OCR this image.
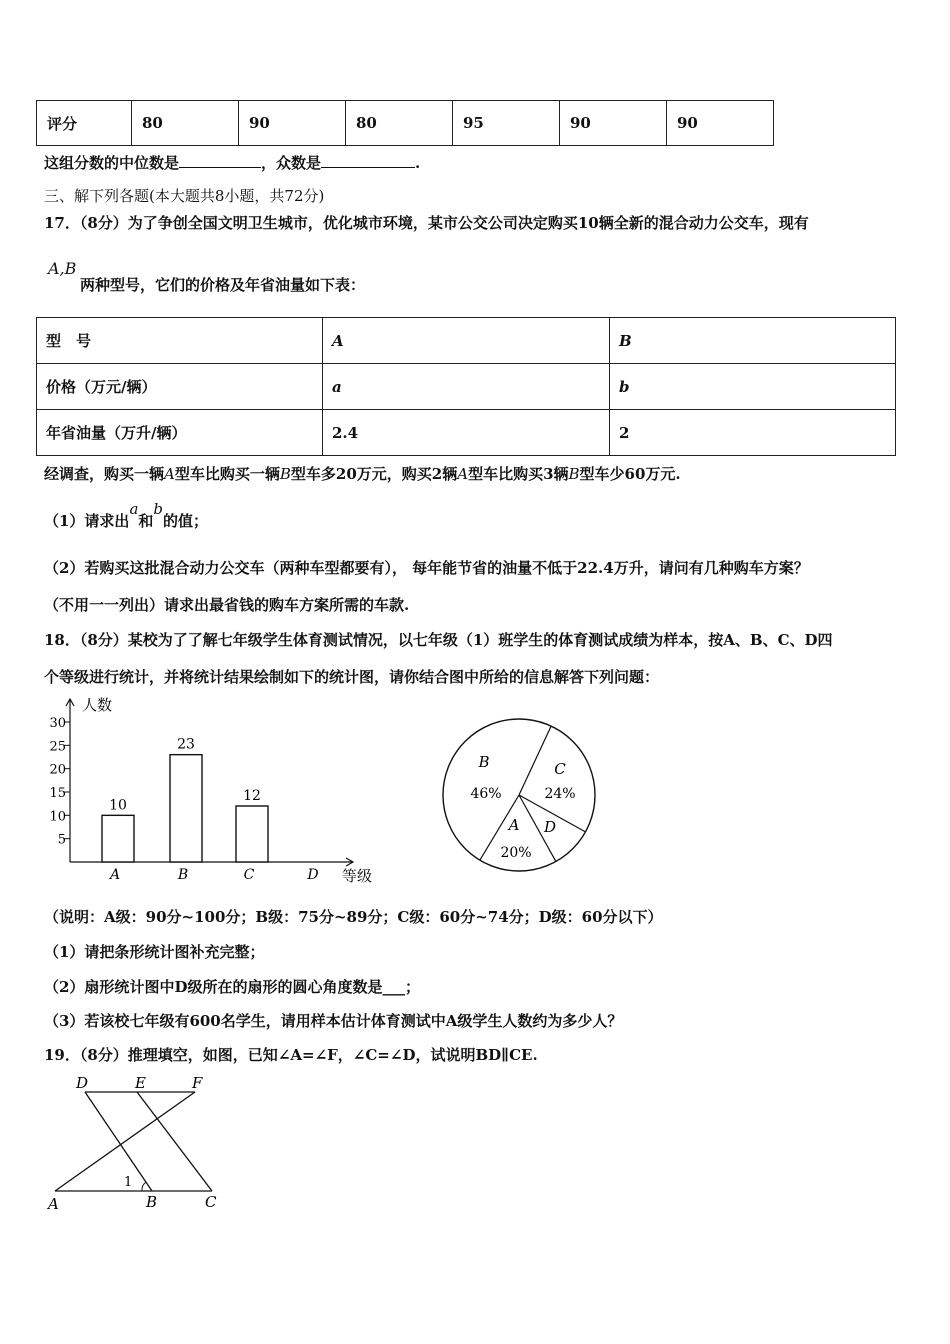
评分	80	90	80	95	90	90
这组分数的中位数是	，众数是	.
三、解下列各题(本大题共8小题，共72分)
17．（8分）为了争创全国文明卫生城市，优化城市环境，某市公交公司决定购买10辆全新的混合动力公交车，现有
A,B
两种型号，它们的价格及年省油量如下表：
型　号	A	B
价格（万元/辆）	a	b
年省油量（万升/辆）	2.4	2
经调查，购买一辆A型车比购买一辆B型车多20万元，购买2辆A型车比购买3辆B型车少60万元.
（1）请求出a和b的值；
（2）若购买这批混合动力公交车（两种车型都要有）， 每年能节省的油量不低于22.4万升，请问有几种购车方案？
（不用一一列出）请求出最省钱的购车方案所需的车款.
18．（8分）某校为了了解七年级学生体育测试情况，以七年级（1）班学生的体育测试成绩为样本，按A、B、C、D四
个等级进行统计，并将统计结果绘制如下的统计图，请你结合图中所给的信息解答下列问题：
人数
等级
5
10
15
20
25
30
10
A
23
B
12
C	D
B
46%
C
24%
D
A
20%
（说明：A级：90分~100分；B级：75分~89分；C级：60分~74分；D级：60分以下）
（1）请把条形统计图补充完整；
（2）扇形统计图中D级所在的扇形的圆心角度数是___；
（3）若该校七年级有600名学生，请用样本估计体育测试中A级学生人数约为多少人？
19．（8分）推理填空，如图，已知∠A=∠F，∠C=∠D，试说明BD∥CE.
D	E	F
A	B	C
1
